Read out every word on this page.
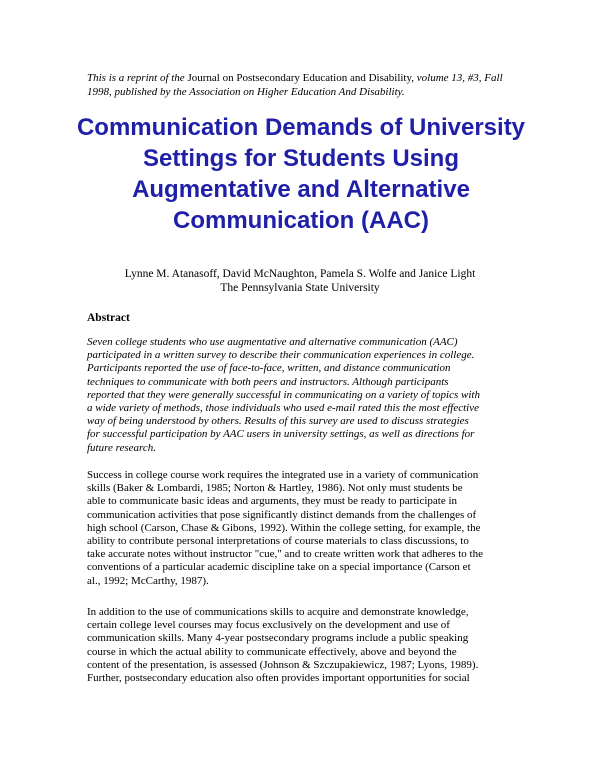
This is a reprint of the Journal on Postsecondary Education and Disability, volume 13, #3, Fall 1998, published by the Association on Higher Education And Disability.
Communication Demands of University Settings for Students Using Augmentative and Alternative Communication (AAC)
Lynne M. Atanasoff, David McNaughton, Pamela S. Wolfe and Janice Light
The Pennsylvania State University
Abstract
Seven college students who use augmentative and alternative communication (AAC)
participated in a written survey to describe their communication experiences in college.
Participants reported the use of face-to-face, written, and distance communication
techniques to communicate with both peers and instructors. Although participants
reported that they were generally successful in communicating on a variety of topics with
a wide variety of methods, those individuals who used e-mail rated this the most effective
way of being understood by others. Results of this survey are used to discuss strategies
for successful participation by AAC users in university settings, as well as directions for
future research.
Success in college course work requires the integrated use in a variety of communication
skills (Baker & Lombardi, 1985; Norton & Hartley, 1986). Not only must students be
able to communicate basic ideas and arguments, they must be ready to participate in
communication activities that pose significantly distinct demands from the challenges of
high school (Carson, Chase & Gibons, 1992). Within the college setting, for example, the
ability to contribute personal interpretations of course materials to class discussions, to
take accurate notes without instructor "cue," and to create written work that adheres to the
conventions of a particular academic discipline take on a special importance (Carson et
al., 1992; McCarthy, 1987).
In addition to the use of communications skills to acquire and demonstrate knowledge,
certain college level courses may focus exclusively on the development and use of
communication skills. Many 4-year postsecondary programs include a public speaking
course in which the actual ability to communicate effectively, above and beyond the
content of the presentation, is assessed (Johnson & Szczupakiewicz, 1987; Lyons, 1989).
Further, postsecondary education also often provides important opportunities for social
